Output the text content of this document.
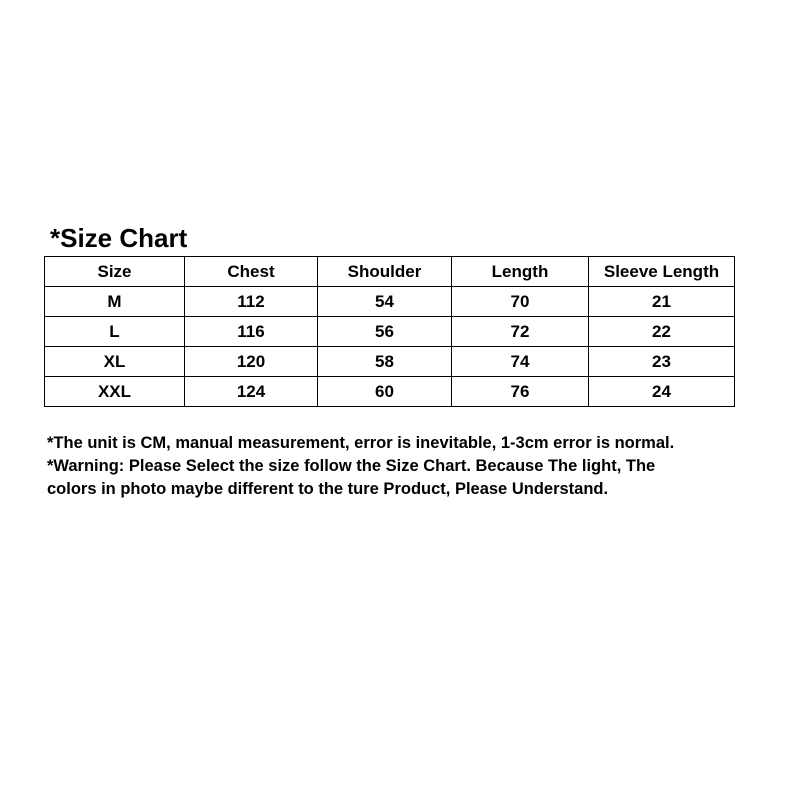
*Size Chart
Size	Chest	Shoulder	Length	Sleeve Length
M	112	54	70	21
L	116	56	72	22
XL	120	58	74	23
XXL	124	60	76	24

*The unit is CM, manual measurement, error is inevitable, 1-3cm error is normal.

*Warning: Please Select the size follow the Size Chart. Because The light, The

colors in photo maybe different to the ture Product, Please Understand.
